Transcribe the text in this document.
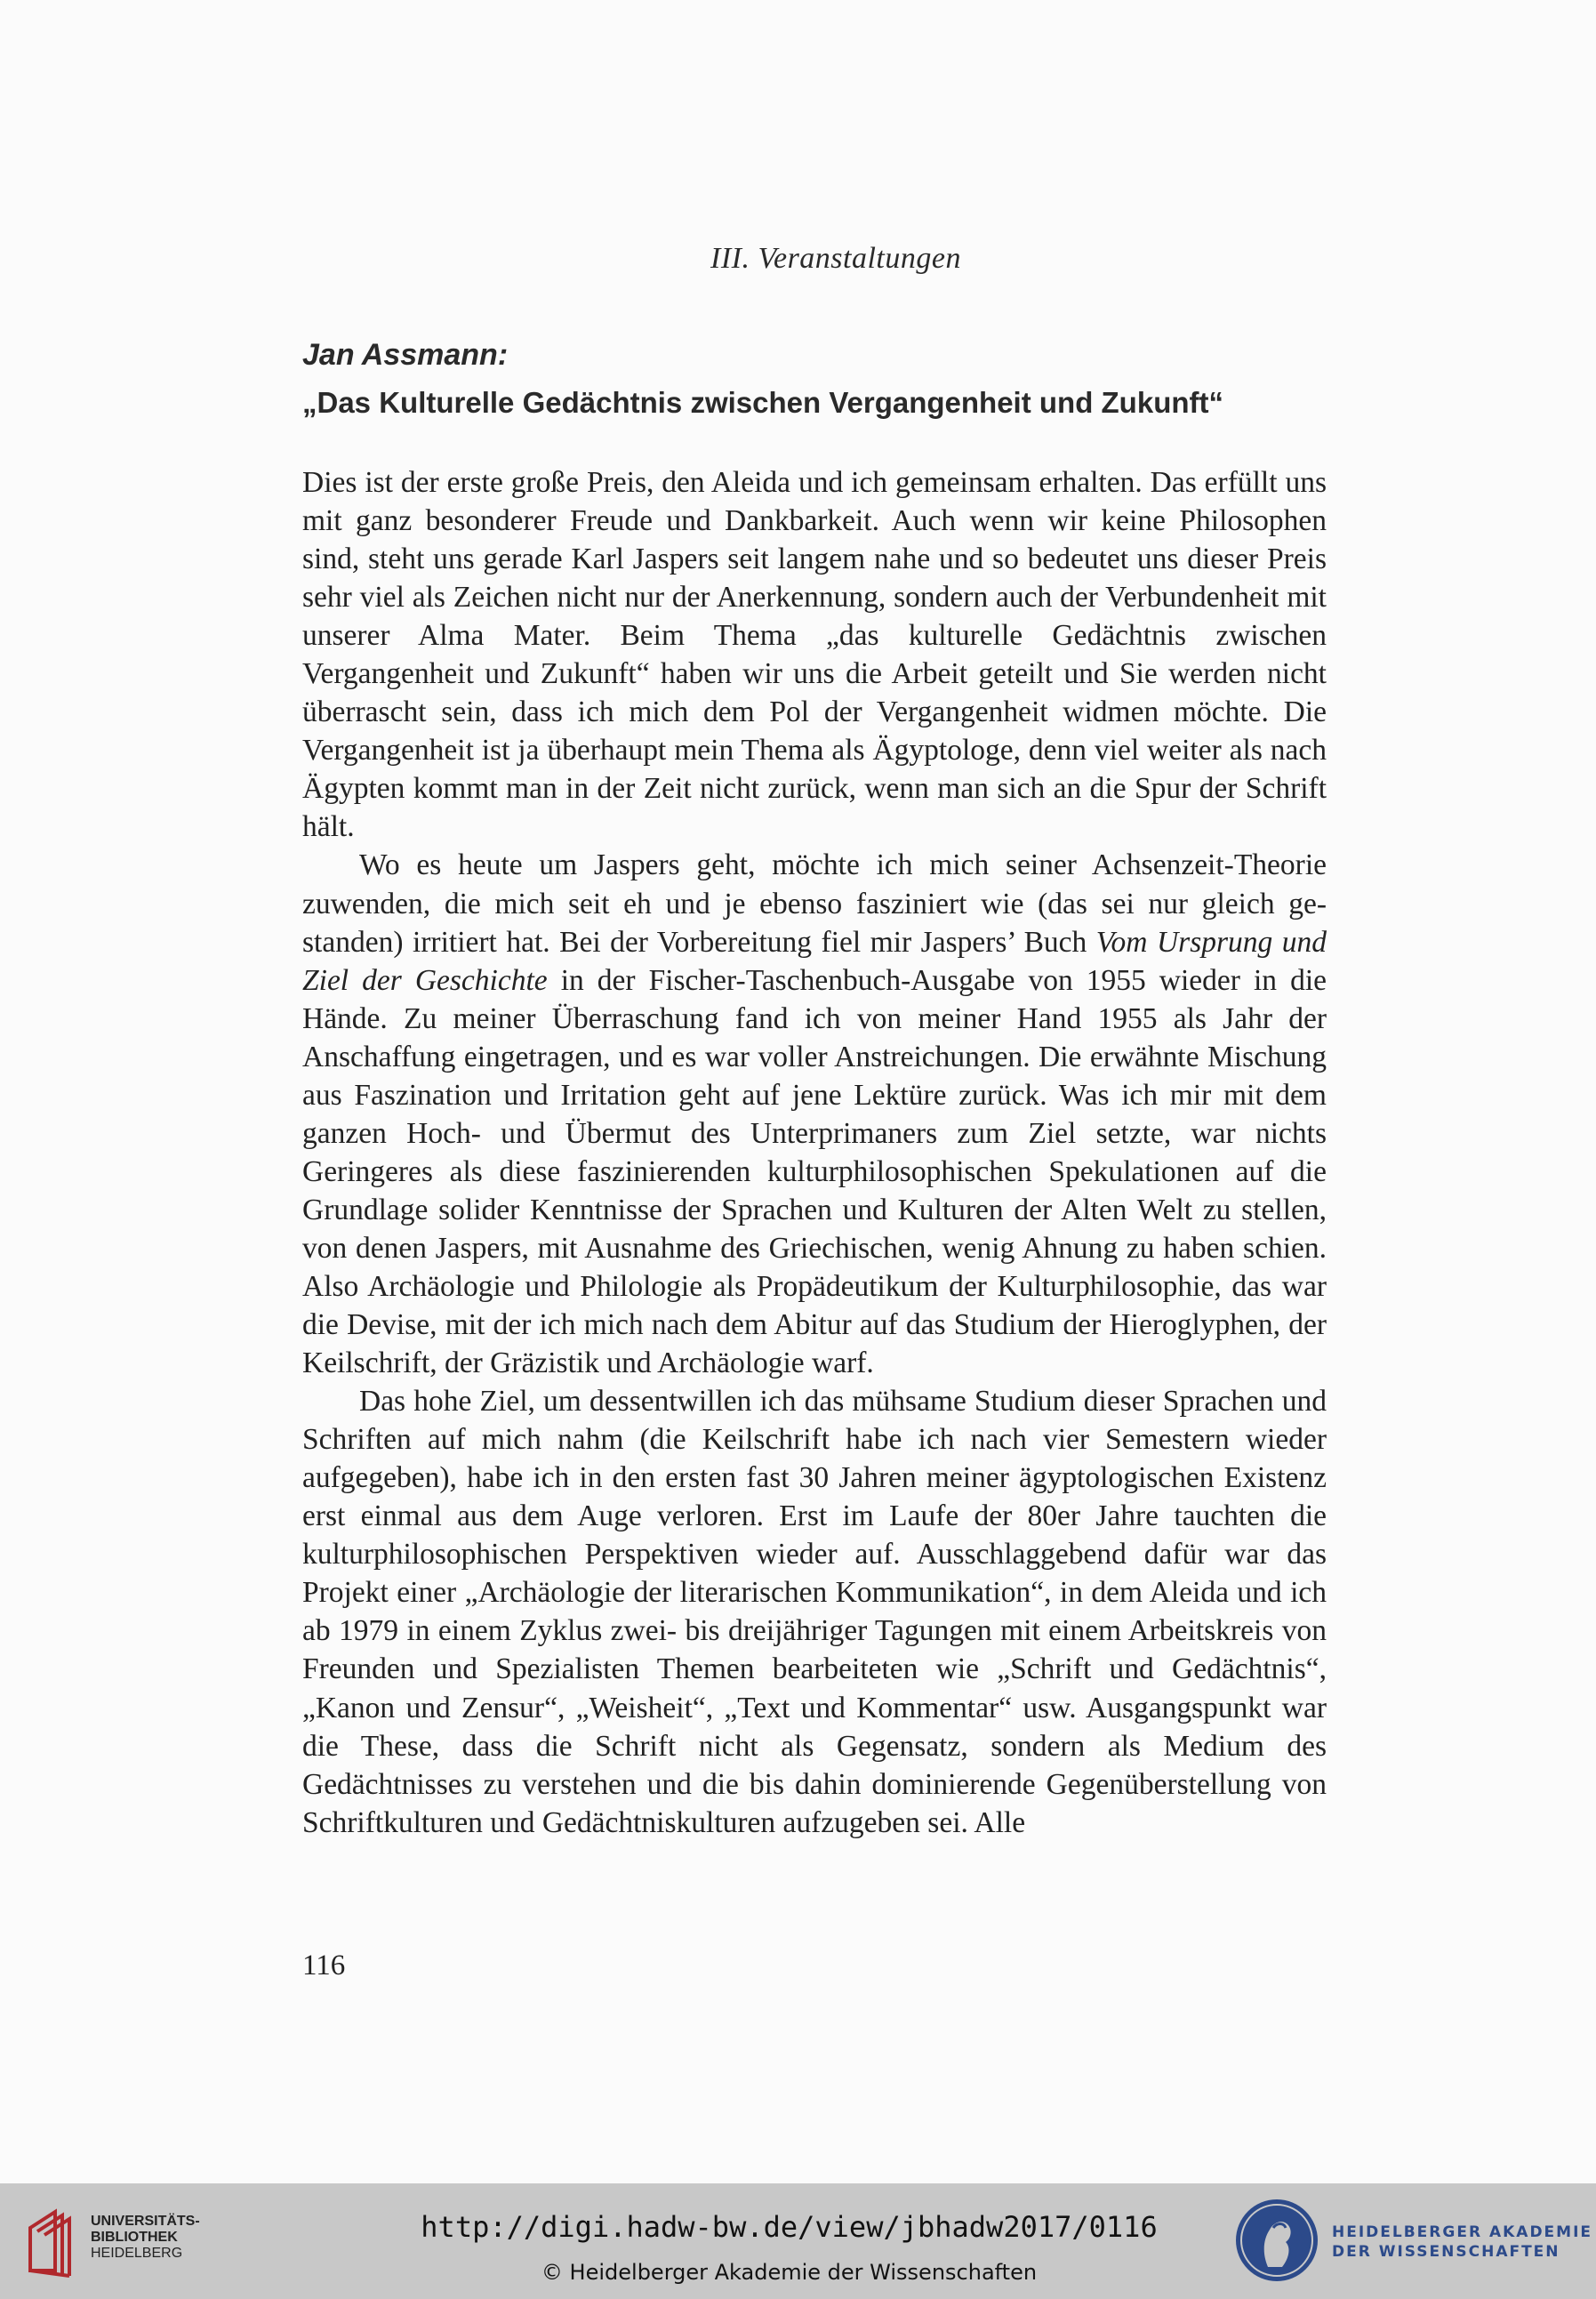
III. Veranstaltungen
Jan Assmann:
„Das Kulturelle Gedächtnis zwischen Vergangenheit und Zukunft“

Dies ist der erste große Preis, den Aleida und ich gemeinsam erhalten. Das erfüllt uns mit ganz besonderer Freude und Dankbarkeit. Auch wenn wir keine Philosophen sind, steht uns gerade Karl Jaspers seit langem nahe und so bedeutet uns dieser Preis sehr viel als Zeichen nicht nur der Anerkennung, sondern auch der Verbundenheit mit unserer Alma Mater. Beim Thema „das kulturelle Gedächtnis zwischen Vergangenheit und Zukunft“ haben wir uns die Arbeit geteilt und Sie werden nicht überrascht sein, dass ich mich dem Pol der Vergangenheit widmen möchte. Die Vergangenheit ist ja überhaupt mein Thema als Ägyptologe, denn viel weiter als nach Ägypten kommt man in der Zeit nicht zurück, wenn man sich an die Spur der Schrift hält.

Wo es heute um Jaspers geht, möchte ich mich seiner Achsenzeit-Theorie zuwenden, die mich seit eh und je ebenso fasziniert wie (das sei nur gleich gestanden) irritiert hat. Bei der Vorbereitung fiel mir Jaspers’ Buch Vom Ursprung und Ziel der Geschichte in der Fischer-Taschenbuch-Ausgabe von 1955 wieder in die Hände. Zu meiner Überraschung fand ich von meiner Hand 1955 als Jahr der Anschaffung eingetragen, und es war voller Anstreichungen. Die erwähnte Mischung aus Faszination und Irritation geht auf jene Lektüre zurück. Was ich mir mit dem ganzen Hoch- und Übermut des Unterprimaners zum Ziel setzte, war nichts Geringeres als diese faszinierenden kulturphilosophischen Spekulationen auf die Grundlage solider Kenntnisse der Sprachen und Kulturen der Alten Welt zu stellen, von denen Jaspers, mit Ausnahme des Griechischen, wenig Ahnung zu haben schien. Also Archäologie und Philologie als Propädeutikum der Kulturphilosophie, das war die Devise, mit der ich mich nach dem Abitur auf das Studium der Hieroglyphen, der Keilschrift, der Gräzistik und Archäologie warf.

Das hohe Ziel, um dessentwillen ich das mühsame Studium dieser Sprachen und Schriften auf mich nahm (die Keilschrift habe ich nach vier Semestern wieder aufgegeben), habe ich in den ersten fast 30 Jahren meiner ägyptologischen Existenz erst einmal aus dem Auge verloren. Erst im Laufe der 80er Jahre tauchten die kulturphilosophischen Perspektiven wieder auf. Ausschlaggebend dafür war das Projekt einer „Archäologie der literarischen Kommunikation“, in dem Aleida und ich ab 1979 in einem Zyklus zwei- bis dreijähriger Tagungen mit einem Arbeitskreis von Freunden und Spezialisten Themen bearbeiteten wie „Schrift und Gedächtnis“, „Kanon und Zensur“, „Weisheit“, „Text und Kommentar“ usw. Ausgangspunkt war die These, dass die Schrift nicht als Gegensatz, sondern als Medium des Gedächtnisses zu verstehen und die bis dahin dominierende Gegenüberstellung von Schriftkulturen und Gedächtniskulturen aufzugeben sei. Alle

116
UNIVERSITÄTS-
BIBLIOTHEK
HEIDELBERG
http://digi.hadw-bw.de/view/jbhadw2017/0116
© Heidelberger Akademie der Wissenschaften
HEIDELBERGER AKADEMIE
DER WISSENSCHAFTEN
